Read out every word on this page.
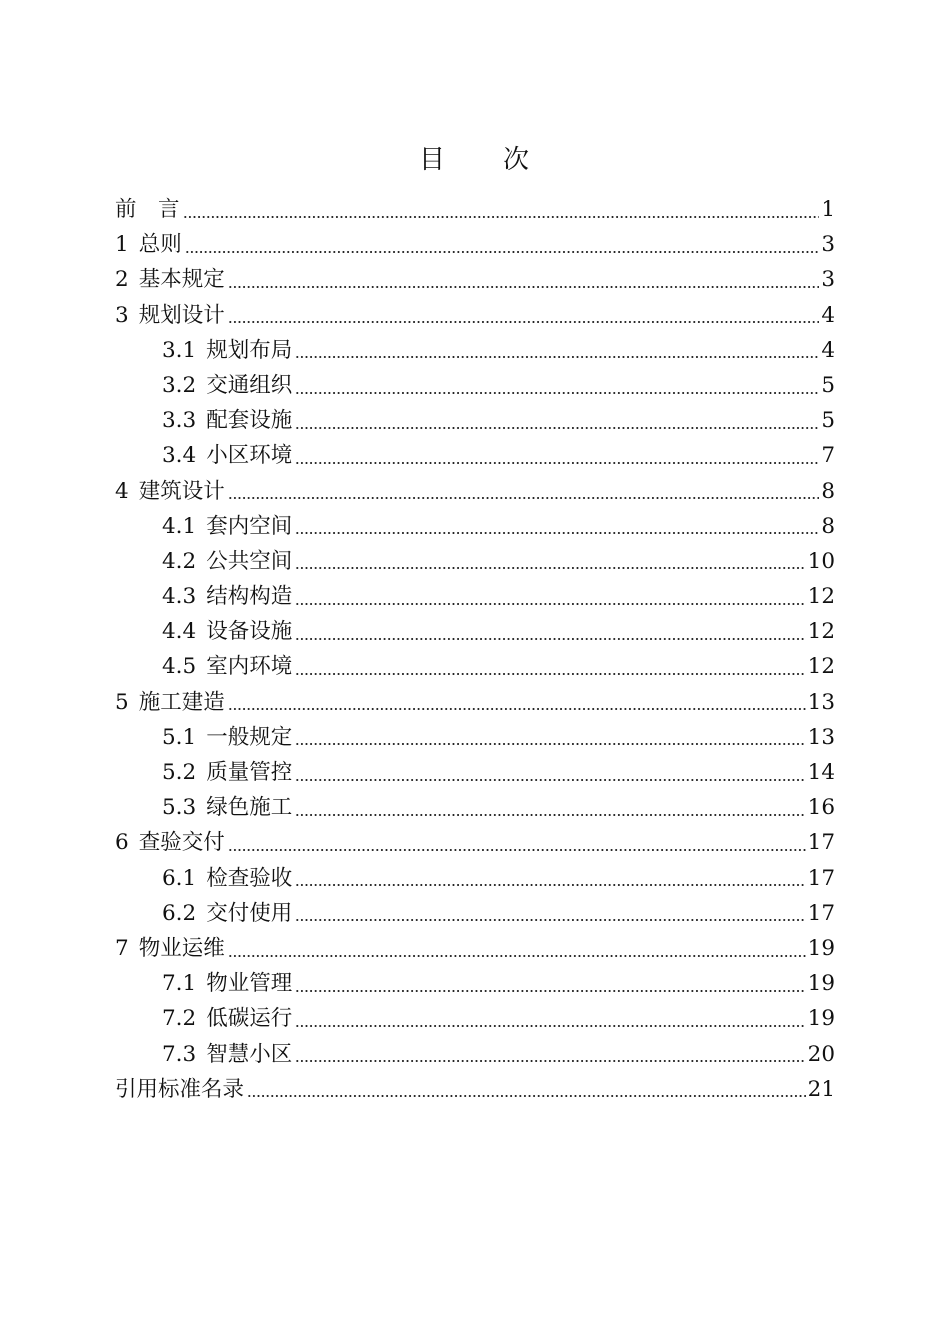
目　　次
前　言	1
1 总则	3
2 基本规定	3
3 规划设计	4
3.1 规划布局	4
3.2 交通组织	5
3.3 配套设施	5
3.4 小区环境	7
4 建筑设计	8
4.1 套内空间	8
4.2 公共空间	10
4.3 结构构造	12
4.4 设备设施	12
4.5 室内环境	12
5 施工建造	13
5.1 一般规定	13
5.2 质量管控	14
5.3 绿色施工	16
6 查验交付	17
6.1 检查验收	17
6.2 交付使用	17
7 物业运维	19
7.1 物业管理	19
7.2 低碳运行	19
7.3 智慧小区	20
引用标准名录	21
